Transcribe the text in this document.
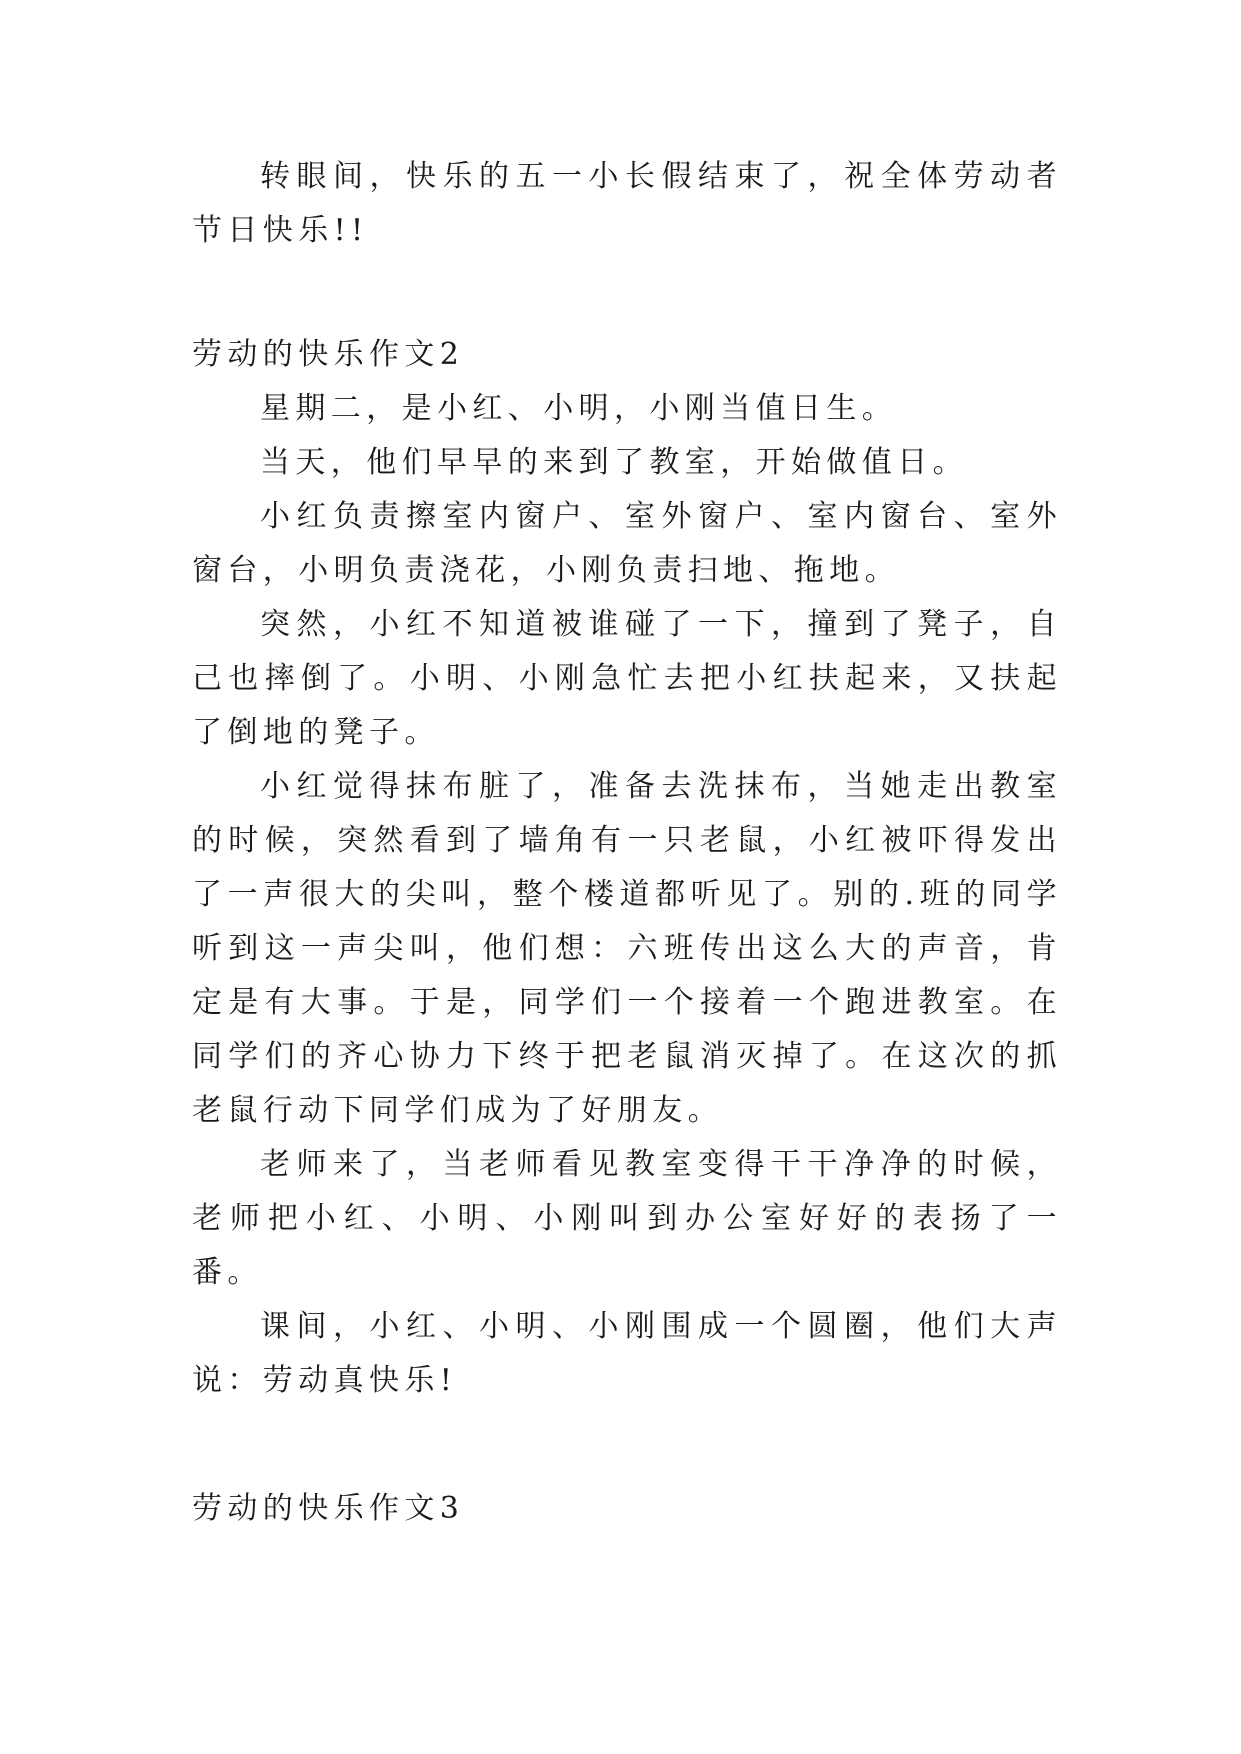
转眼间，快乐的五一小长假结束了，祝全体劳动者节日快乐!!

劳动的快乐作文2

星期二，是小红、小明，小刚当值日生。

当天，他们早早的来到了教室，开始做值日。

小红负责擦室内窗户、室外窗户、室内窗台、室外窗台，小明负责浇花，小刚负责扫地、拖地。

突然，小红不知道被谁碰了一下，撞到了凳子，自己也摔倒了。小明、小刚急忙去把小红扶起来，又扶起了倒地的凳子。

小红觉得抹布脏了，准备去洗抹布，当她走出教室的时候，突然看到了墙角有一只老鼠，小红被吓得发出了一声很大的尖叫，整个楼道都听见了。别的.班的同学听到这一声尖叫，他们想：六班传出这么大的声音，肯定是有大事。于是，同学们一个接着一个跑进教室。在同学们的齐心协力下终于把老鼠消灭掉了。在这次的抓老鼠行动下同学们成为了好朋友。

老师来了，当老师看见教室变得干干净净的时候，老师把小红、小明、小刚叫到办公室好好的表扬了一番。

课间，小红、小明、小刚围成一个圆圈，他们大声说：劳动真快乐!

劳动的快乐作文3
